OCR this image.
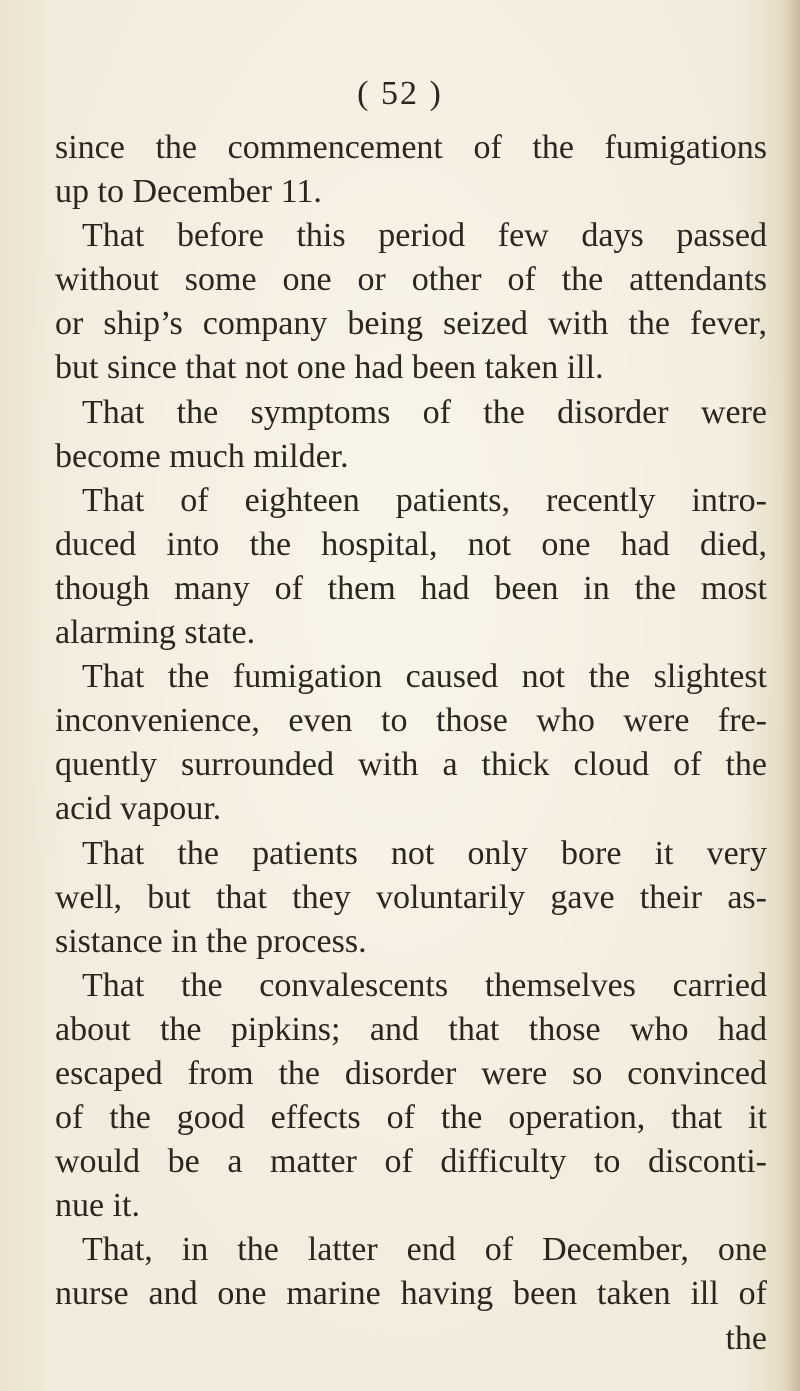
( 52 )
since the commencement of the fumigations
up to December 11.
That before this period few days passed
without some one or other of the attendants
or ship’s company being seized with the fever,
but since that not one had been taken ill.
That the symptoms of the disorder were
become much milder.
That of eighteen patients, recently intro-
duced into the hospital, not one had died,
though many of them had been in the most
alarming state.
That the fumigation caused not the slightest
inconvenience, even to those who were fre-
quently surrounded with a thick cloud of the
acid vapour.
That the patients not only bore it very
well, but that they voluntarily gave their as-
sistance in the process.
That the convalescents themselves carried
about the pipkins; and that those who had
escaped from the disorder were so convinced
of the good effects of the operation, that it
would be a matter of difficulty to disconti-
nue it.
That, in the latter end of December, one
nurse and one marine having been taken ill of
the
